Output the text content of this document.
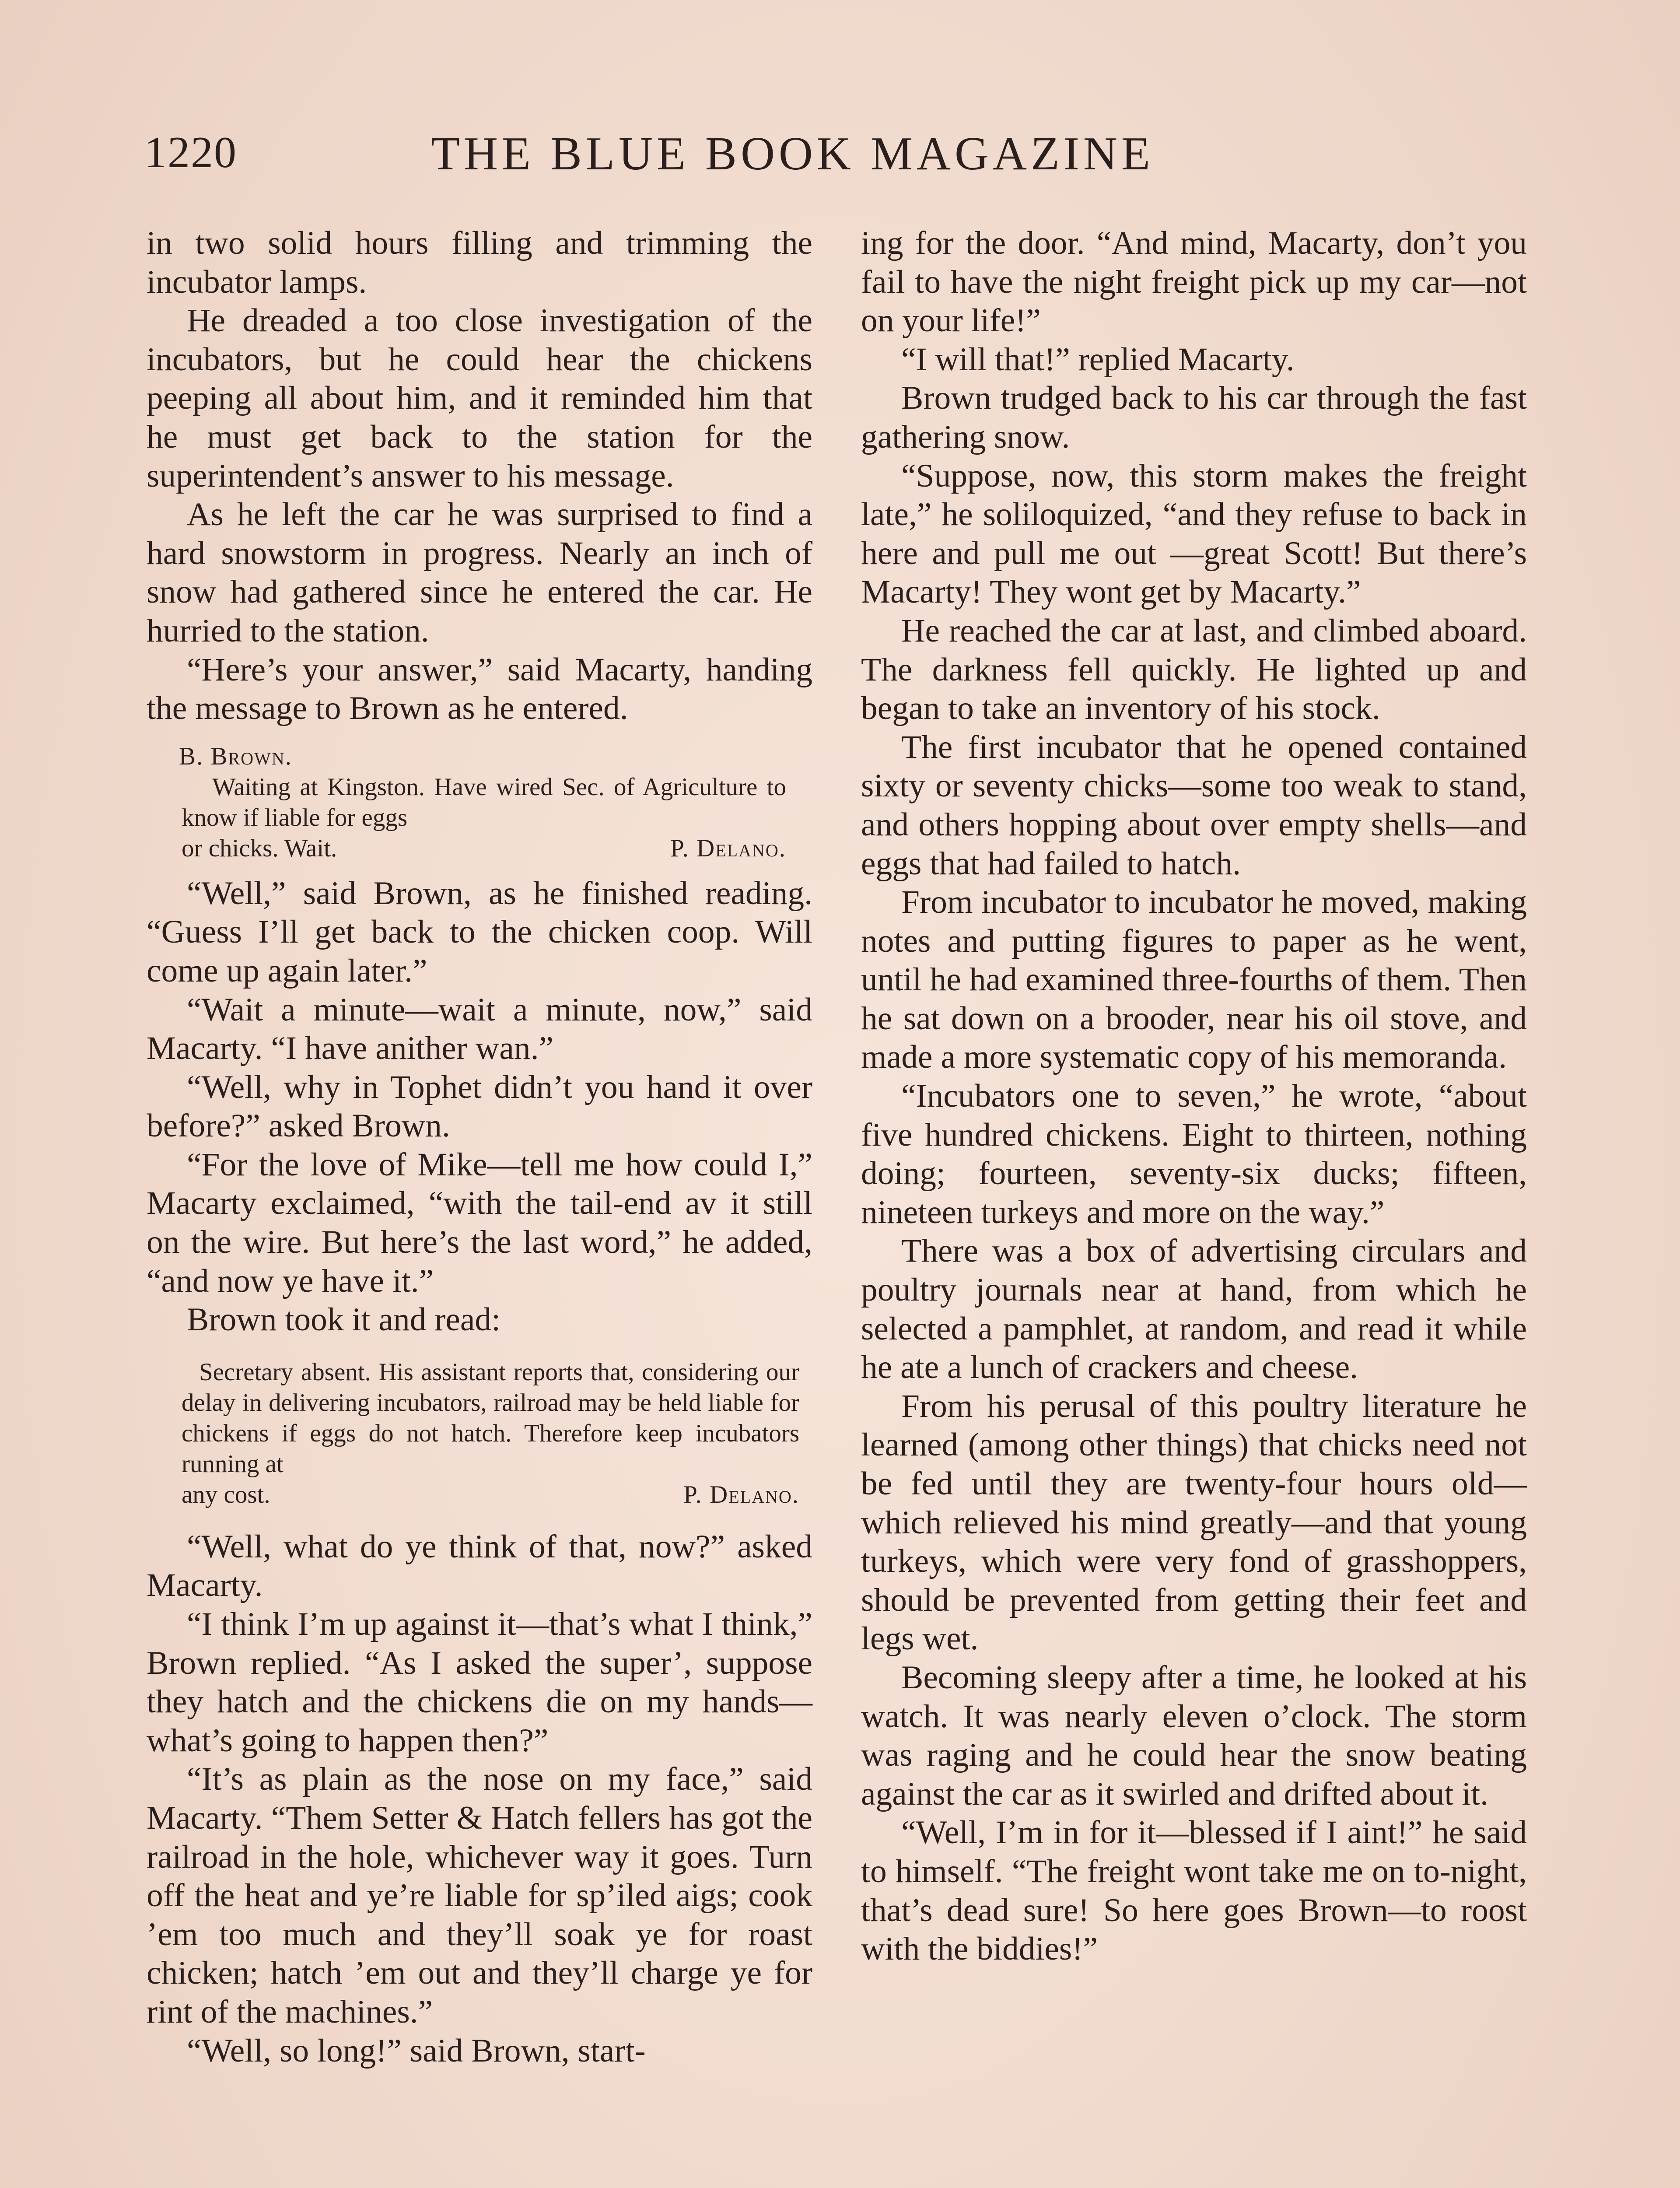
1220	THE BLUE BOOK MAGAZINE

in two solid hours filling and trimming the incubator lamps.

He dreaded a too close investigation of the incubators, but he could hear the chickens peeping all about him, and it reminded him that he must get back to the station for the superintendent’s answer to his message.

As he left the car he was surprised to find a hard snowstorm in progress. Nearly an inch of snow had gathered since he entered the car. He hurried to the station.

“Here’s your answer,” said Macarty, handing the message to Brown as he entered.

B. Brown.
Waiting at Kingston. Have wired Sec. of Agriculture to know if liable for eggs
or chicks. Wait.	P. Delano.

“Well,” said Brown, as he finished reading. “Guess I’ll get back to the chicken coop. Will come up again later.”

“Wait a minute—wait a minute, now,” said Macarty. “I have anither wan.”

“Well, why in Tophet didn’t you hand it over before?” asked Brown.

“For the love of Mike—tell me how could I,” Macarty exclaimed, “with the tail-end av it still on the wire. But here’s the last word,” he added, “and now ye have it.”

Brown took it and read:

Secretary absent. His assistant reports that, considering our delay in delivering incubators, railroad may be held liable for chickens if eggs do not hatch. Therefore keep incubators running at
any cost.	P. Delano.

“Well, what do ye think of that, now?” asked Macarty.

“I think I’m up against it—that’s what I think,” Brown replied. “As I asked the super’, suppose they hatch and the chickens die on my hands—what’s going to happen then?”

“It’s as plain as the nose on my face,” said Macarty. “Them Setter & Hatch fellers has got the railroad in the hole, whichever way it goes. Turn off the heat and ye’re liable for sp’iled aigs; cook ’em too much and they’ll soak ye for roast chicken; hatch ’em out and they’ll charge ye for rint of the machines.”

“Well, so long!” said Brown, start-

ing for the door. “And mind, Macarty, don’t you fail to have the night freight pick up my car—not on your life!”

“I will that!” replied Macarty.

Brown trudged back to his car through the fast gathering snow.

“Suppose, now, this storm makes the freight late,” he soliloquized, “and they refuse to back in here and pull me out —great Scott! But there’s Macarty! They wont get by Macarty.”

He reached the car at last, and climbed aboard. The darkness fell quickly. He lighted up and began to take an inventory of his stock.

The first incubator that he opened contained sixty or seventy chicks—some too weak to stand, and others hopping about over empty shells—and eggs that had failed to hatch.

From incubator to incubator he moved, making notes and putting figures to paper as he went, until he had examined three-fourths of them. Then he sat down on a brooder, near his oil stove, and made a more systematic copy of his memoranda.

“Incubators one to seven,” he wrote, “about five hundred chickens. Eight to thirteen, nothing doing; fourteen, seventy-six ducks; fifteen, nineteen turkeys and more on the way.”

There was a box of advertising circulars and poultry journals near at hand, from which he selected a pamphlet, at random, and read it while he ate a lunch of crackers and cheese.

From his perusal of this poultry literature he learned (among other things) that chicks need not be fed until they are twenty-four hours old—which relieved his mind greatly—and that young turkeys, which were very fond of grasshoppers, should be prevented from getting their feet and legs wet.

Becoming sleepy after a time, he looked at his watch. It was nearly eleven o’clock. The storm was raging and he could hear the snow beating against the car as it swirled and drifted about it.

“Well, I’m in for it—blessed if I aint!” he said to himself. “The freight wont take me on to-night, that’s dead sure! So here goes Brown—to roost with the biddies!”
